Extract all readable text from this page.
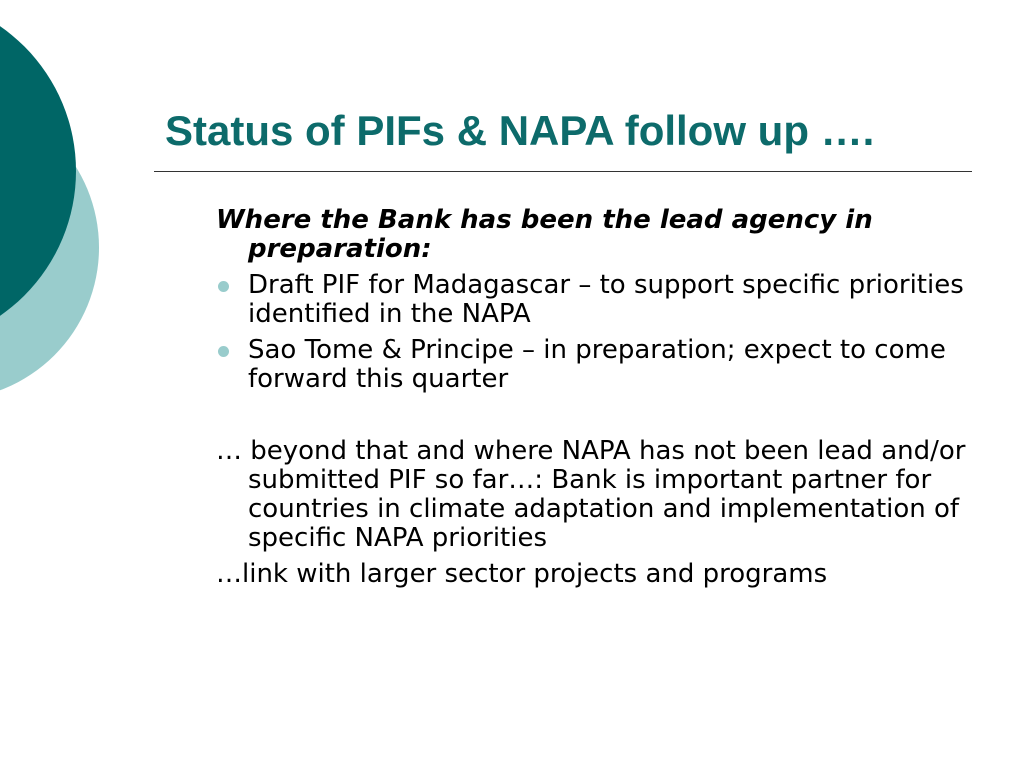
Status of PIFs & NAPA follow up ….

Where the Bank has been the lead agency in preparation:

Draft PIF for Madagascar – to support specific priorities identified in the NAPA
Sao Tome & Principe – in preparation; expect to come forward this quarter

… beyond that and where NAPA has not been lead and/or submitted PIF so far…: Bank is important partner for countries in climate adaptation and implementation of specific NAPA priorities

…link with larger sector projects and programs
